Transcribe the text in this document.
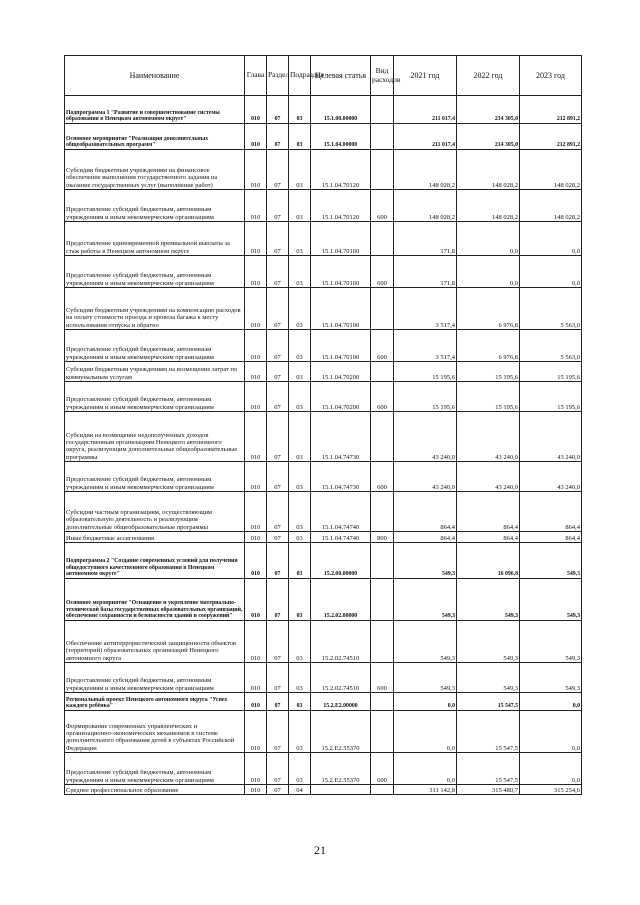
Наименование	Глава	Раздел	Подраздел	Целевая статья	Вид расходов	2021 год	2022 год	2023 год
Подпрограмма 1 "Развитие и совершенствование системы образования в Ненецком автономном округе"	010	07	03	15.1.00.00000		211 017,4	214 305,0	212 891,2
Основное мероприятие "Реализация дополнительных общеобразовательных программ"	010	07	03	15.1.04.00000		211 017,4	214 305,0	212 891,2
Субсидии бюджетным учреждениям на финансовое обеспечение выполнения государственного задания на оказание государственных услуг (выполнение работ)	010	07	03	15.1.04.70120		148 028,2	148 028,2	148 028,2
Предоставление субсидий бюджетным, автономным учреждениям и иным некоммерческим организациям	010	07	03	15.1.04.70120	600	148 028,2	148 028,2	148 028,2
Предоставление единовременной премиальной выплаты за стаж работы в Ненецком автономном округе	010	07	03	15.1.04.70160		171,8	0,0	0,0
Предоставление субсидий бюджетным, автономным учреждениям и иным некоммерческим организациям	010	07	03	15.1.04.70160	600	171,8	0,0	0,0
Субсидии бюджетным учреждениям на компенсацию расходов на оплату стоимости проезда и провоза багажа к месту использования отпуска и обратно	010	07	03	15.1.04.70190		3 517,4	6 976,8	5 563,0
Предоставление субсидий бюджетным, автономным учреждениям и иным некоммерческим организациям	010	07	03	15.1.04.70190	600	3 517,4	6 976,8	5 563,0
Субсидии бюджетным учреждениям на возмещение затрат по коммунальным услугам	010	07	03	15.1.04.70200		15 195,6	15 195,6	15 195,6
Предоставление субсидий бюджетным, автономным учреждениям и иным некоммерческим организациям	010	07	03	15.1.04.70200	600	15 195,6	15 195,6	15 195,6
Субсидии на возмещение недополученных доходов государственным организациям Ненецкого автономного округа, реализующим дополнительные общеобразовательные программы	010	07	03	15.1.04.74730		43 240,0	43 240,0	43 240,0
Предоставление субсидий бюджетным, автономным учреждениям и иным некоммерческим организациям	010	07	03	15.1.04.74730	600	43 240,0	43 240,0	43 240,0
Субсидии частным организациям, осуществляющим образовательную деятельность и реализующим дополнительные общеобразовательные программы	010	07	03	15.1.04.74740		864,4	864,4	864,4
Иные бюджетные ассигнования	010	07	03	15.1.04.74740	800	864,4	864,4	864,4
Подпрограмма 2 "Создание современных условий для получения общедоступного качественного образования в Ненецком автономном округе"	010	07	03	15.2.00.00000		549,3	16 096,8	549,3
Основное мероприятие "Оснащение и укрепление материально-технической базы государственных образовательных организаций, обеспечение сохранности и безопасности зданий и сооружений"	010	07	03	15.2.02.00000		549,3	549,3	549,3
Обеспечение антитеррористической защищенности объектов (территорий) образовательных организаций Ненецкого автономного округа	010	07	03	15.2.02.74510		549,3	549,3	549,3
Предоставление субсидий бюджетным, автономным учреждениям и иным некоммерческим организациям	010	07	03	15.2.02.74510	600	549,3	549,3	549,3
Региональный проект Ненецкого автономного округа "Успех каждого ребёнка"	010	07	03	15.2.E2.00000		0,0	15 547,5	0,0
Формирование современных управленческих и организационно-экономических механизмов в системе дополнительного образования детей в субъектах Российской Федерации	010	07	03	15.2.E2.55370		0,0	15 547,5	0,0
Предоставление субсидий бюджетным, автономным учреждениям и иным некоммерческим организациям	010	07	03	15.2.E2.55370	600	0,0	15 547,5	0,0
Среднее профессиональное образование	010	07	04			311 142,8	315 480,7	315 254,6
21
